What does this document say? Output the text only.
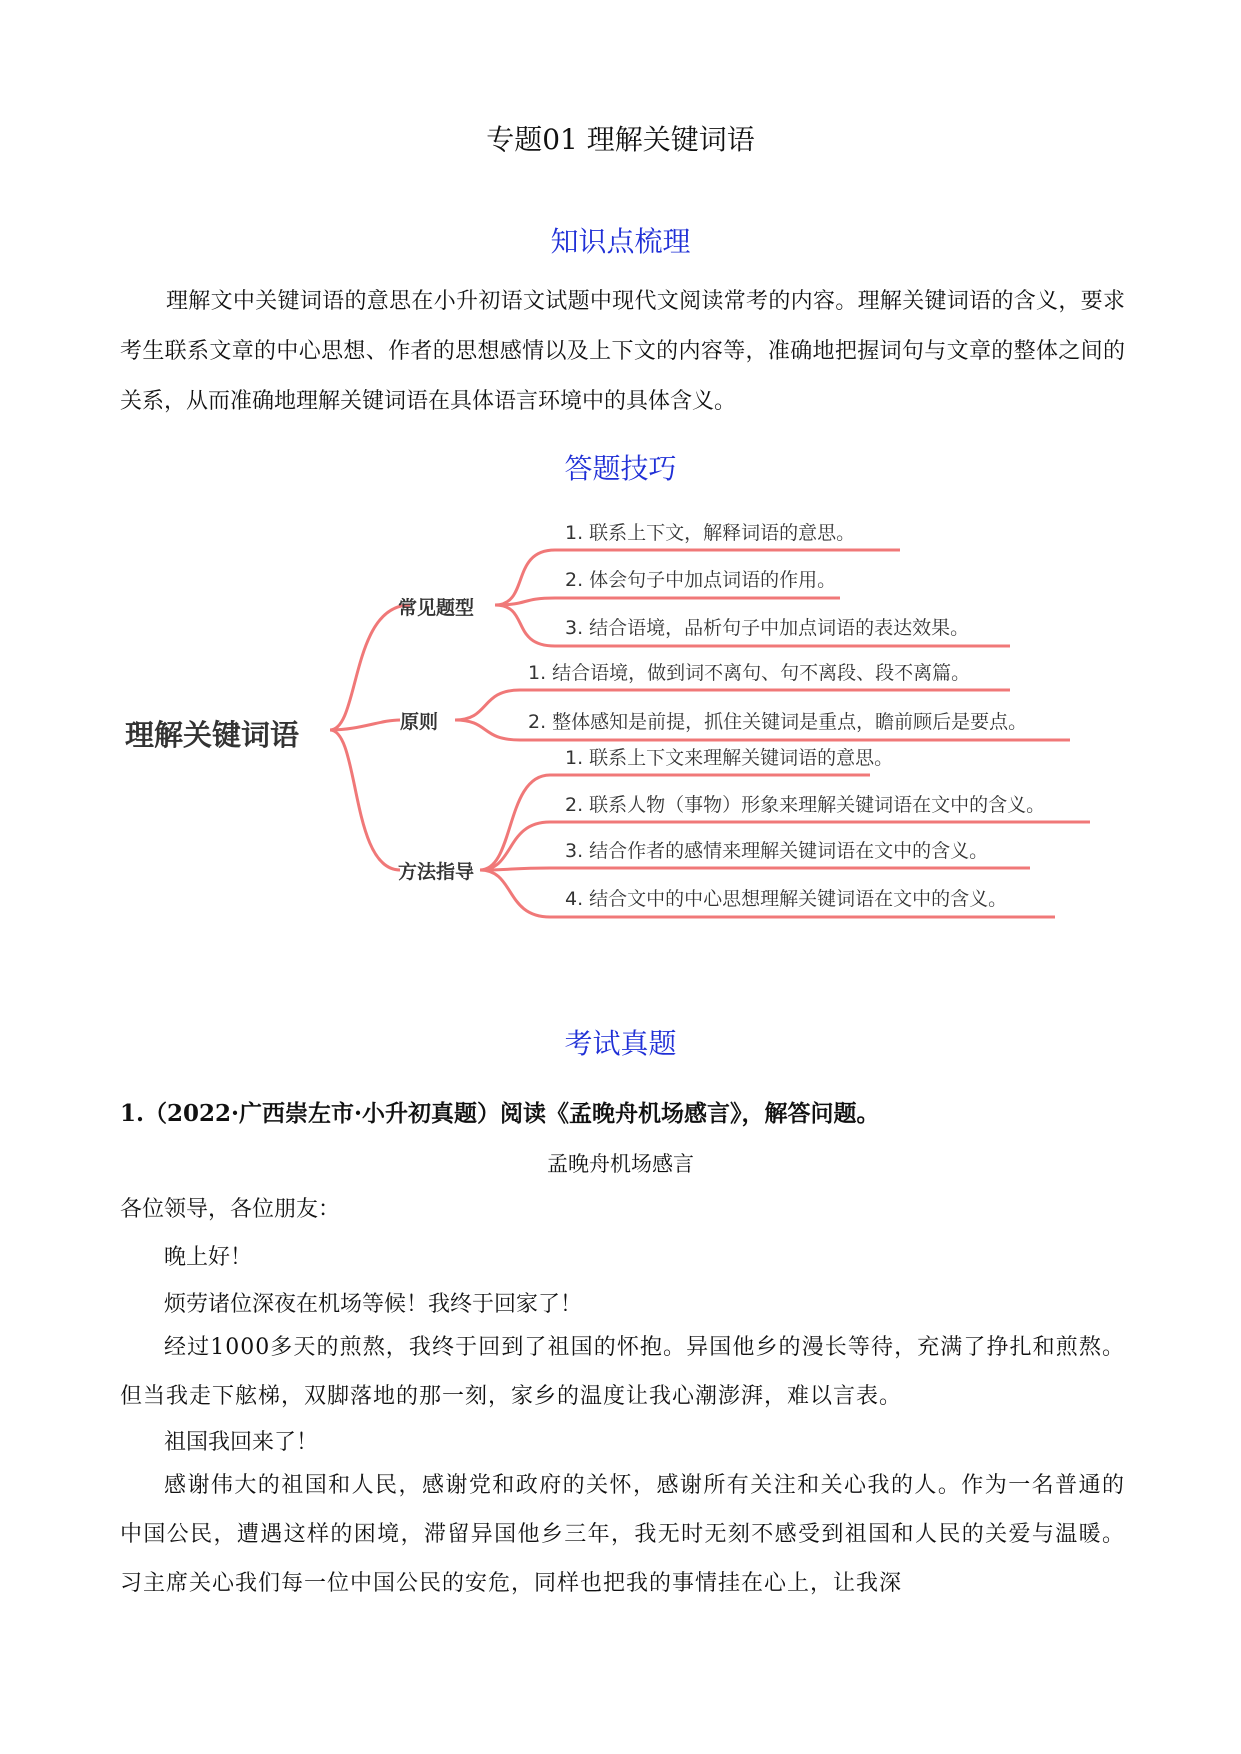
专题01 理解关键词语
知识点梳理
理解文中关键词语的意思在小升初语文试题中现代文阅读常考的内容。理解关键词语的含义，要求考生联系文章的中心思想、作者的思想感情以及上下文的内容等，准确地把握词句与文章的整体之间的关系，从而准确地理解关键词语在具体语言环境中的具体含义。
答题技巧
理解关键词语
常见题型
原则
方法指导
1. 联系上下文，解释词语的意思。
2. 体会句子中加点词语的作用。
3. 结合语境，品析句子中加点词语的表达效果。
1. 结合语境，做到词不离句、句不离段、段不离篇。
2. 整体感知是前提，抓住关键词是重点，瞻前顾后是要点。
1. 联系上下文来理解关键词语的意思。
2. 联系人物（事物）形象来理解关键词语在文中的含义。
3. 结合作者的感情来理解关键词语在文中的含义。
4. 结合文中的中心思想理解关键词语在文中的含义。
考试真题
1.（2022·广西崇左市·小升初真题）阅读《孟晚舟机场感言》，解答问题。
孟晚舟机场感言
各位领导，各位朋友：
晚上好！
烦劳诸位深夜在机场等候！我终于回家了！
经过1000多天的煎熬，我终于回到了祖国的怀抱。异国他乡的漫长等待，充满了挣扎和煎熬。但当我走下舷梯，双脚落地的那一刻，家乡的温度让我心潮澎湃，难以言表。
祖国我回来了！
感谢伟大的祖国和人民，感谢党和政府的关怀，感谢所有关注和关心我的人。作为一名普通的中国公民，遭遇这样的困境，滞留异国他乡三年，我无时无刻不感受到祖国和人民的关爱与温暖。习主席关心我们每一位中国公民的安危，同样也把我的事情挂在心上，让我深
